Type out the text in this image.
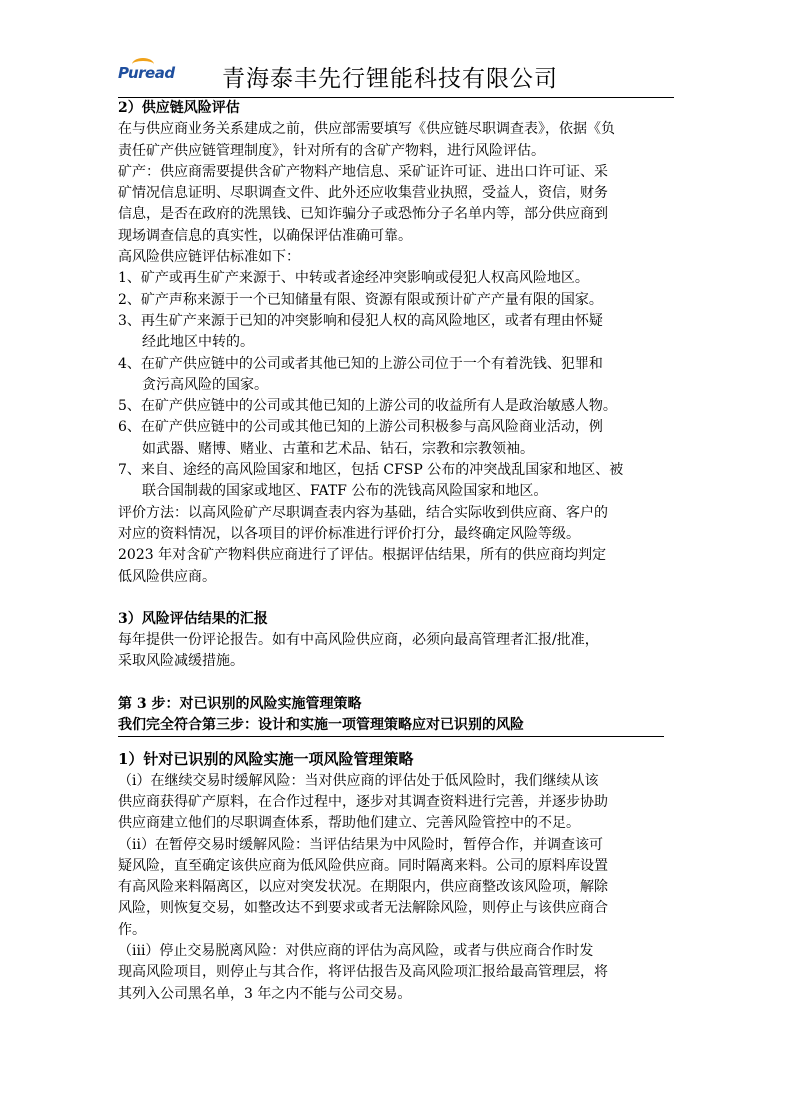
Puread 青海泰丰先行锂能科技有限公司
2）供应链风险评估
在与供应商业务关系建成之前，供应部需要填写《供应链尽职调查表》，依据《负
责任矿产供应链管理制度》，针对所有的含矿产物料，进行风险评估。
矿产：供应商需要提供含矿产物料产地信息、采矿证许可证、进出口许可证、采
矿情况信息证明、尽职调查文件、此外还应收集营业执照，受益人，资信，财务
信息，是否在政府的洗黑钱、已知诈骗分子或恐怖分子名单内等，部分供应商到
现场调查信息的真实性，以确保评估准确可靠。
高风险供应链评估标准如下：
1、矿产或再生矿产来源于、中转或者途经冲突影响或侵犯人权高风险地区。
2、矿产声称来源于一个已知储量有限、资源有限或预计矿产产量有限的国家。
3、再生矿产来源于已知的冲突影响和侵犯人权的高风险地区，或者有理由怀疑
经此地区中转的。
4、在矿产供应链中的公司或者其他已知的上游公司位于一个有着洗钱、犯罪和
贪污高风险的国家。
5、在矿产供应链中的公司或其他已知的上游公司的收益所有人是政治敏感人物。
6、在矿产供应链中的公司或其他已知的上游公司积极参与高风险商业活动，例
如武器、赌博、赌业、古董和艺术品、钻石，宗教和宗教领袖。
7、来自、途经的高风险国家和地区，包括 CFSP 公布的冲突战乱国家和地区、被
联合国制裁的国家或地区、FATF 公布的洗钱高风险国家和地区。
评价方法：以高风险矿产尽职调查表内容为基础，结合实际收到供应商、客户的
对应的资料情况，以各项目的评价标准进行评价打分，最终确定风险等级。
2023 年对含矿产物料供应商进行了评估。根据评估结果，所有的供应商均判定
低风险供应商。
3）风险评估结果的汇报
每年提供一份评论报告。如有中高风险供应商，必须向最高管理者汇报/批准，
采取风险减缓措施。
第 3 步：对已识别的风险实施管理策略
我们完全符合第三步：设计和实施一项管理策略应对已识别的风险
1）针对已识别的风险实施一项风险管理策略
（i）在继续交易时缓解风险：当对供应商的评估处于低风险时，我们继续从该
供应商获得矿产原料，在合作过程中，逐步对其调查资料进行完善，并逐步协助
供应商建立他们的尽职调查体系，帮助他们建立、完善风险管控中的不足。
（ii）在暂停交易时缓解风险：当评估结果为中风险时，暂停合作，并调查该可
疑风险，直至确定该供应商为低风险供应商。同时隔离来料。公司的原料库设置
有高风险来料隔离区，以应对突发状况。在期限内，供应商整改该风险项，解除
风险，则恢复交易，如整改达不到要求或者无法解除风险，则停止与该供应商合
作。
（iii）停止交易脱离风险：对供应商的评估为高风险，或者与供应商合作时发
现高风险项目，则停止与其合作，将评估报告及高风险项汇报给最高管理层，将
其列入公司黑名单，3 年之内不能与公司交易。
